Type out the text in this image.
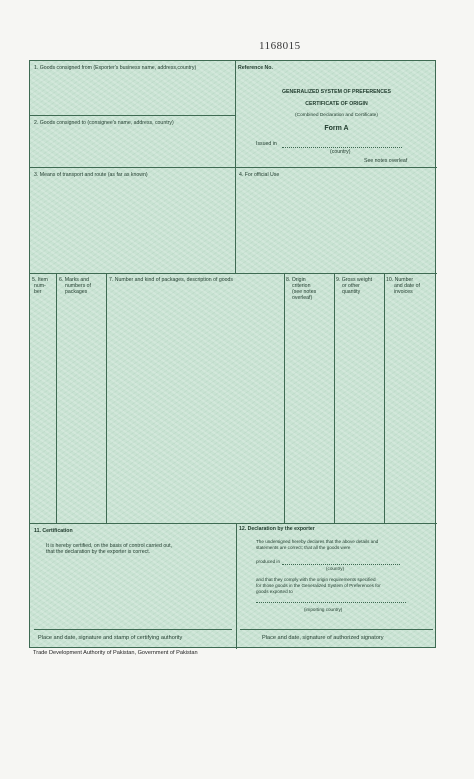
1168015
1. Goods consigned from (Exporter's business name, address,country)	Reference No.
GENERALIZED SYSTEM OF PREFERENCES
CERTIFICATE OF ORIGIN
(Combined Declaration and Certificate)
Form A
Issued in
(country)
See notes overleaf
2. Goods consigned to (consignee's name, address, country)
3. Means of transport and route (as far as known)	4. For official Use
5. Item
num-
ber
6. Marks and
numbers of
packages
7. Number and kind of packages, description of goods	8. Origin
criterion
(see notes
overleaf)
9. Gross weight
or other
quantity
10. Number
and date of
invoices
11. Certification
It is hereby certified, on the basis of control carried out,
that the declaration by the exporter is correct.
Place and date, signature and stamp of certifying authority
12. Declaration by the exporter
The undersigned hereby declares that the above details and
statements are correct; that all the goods were
produced in
(country)
and that they comply with the origin requirements specified
for those goods in the Generalized System of Preferences for
goods exported to
(importing country)
Place and date, signature of authorized signatory
Trade Development Authority of Pakistan, Government of Pakistan
